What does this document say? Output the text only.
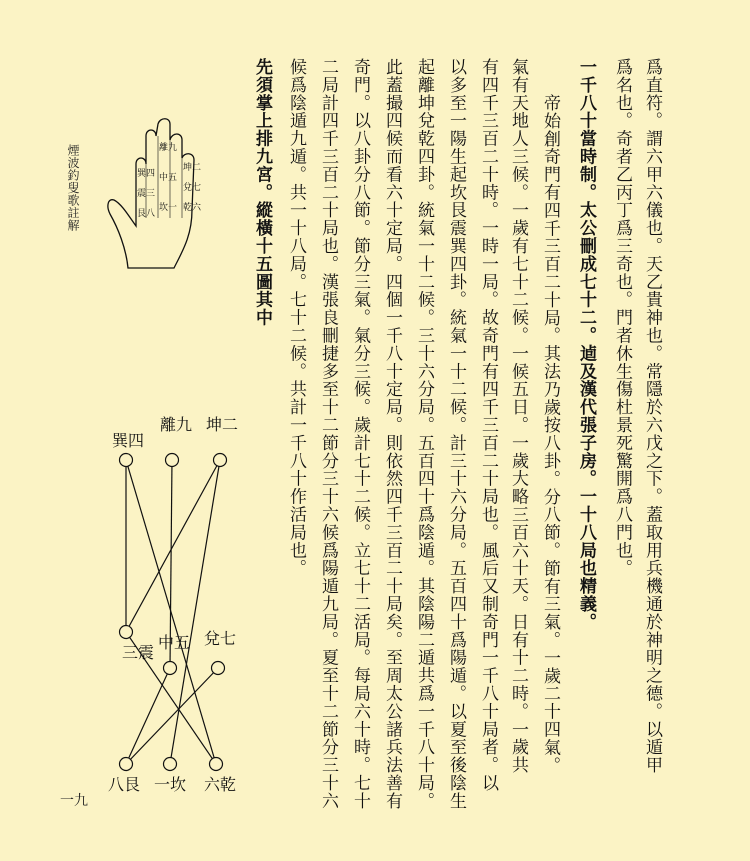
爲直符。謂六甲六儀也。天乙貴神也。常隱於六戊之下。蓋取用兵機通於神明之德。以遁甲
爲名也。奇者乙丙丁爲三奇也。門者休生傷杜景死驚開爲八門也。
一千八十當時制。太公刪成七十二。逌及漢代張子房。一十八局也精義。
帝始創奇門有四千三百二十局。其法乃歲按八卦。分八節。節有三氣。一歲二十四氣。
氣有天地人三候。一歲有七十二候。一候五日。一歲大略三百六十天。日有十二時。一歲共
有四千三百二十時。一時一局。故奇門有四千三百二十局也。風后又制奇門一千八十局者。以
以多至一陽生起坎艮震巽四卦。統氣一十二候。計三十六分局。五百四十爲陽遁。以夏至後陰生
起離坤兌乾四卦。統氣一十二候。三十六分局。五百四十爲陰遁。其陰陽二遁共爲一千八十局。
此蓋撮四候而看六十定局。四個一千八十定局。則依然四千三百二十局矣。至周太公諸兵法善有
奇門。以八卦分八節。節分三氣。氣分三候。歲計七十二候。立七十二活局。每局六十時。七十
二局計四千三百二十局也。漢張良刪捷多至十二節分三十六候爲陽遁九局。夏至十二節分三十六
候爲陰遁九遁。共一十八局。七十二候。共計一千八十作活局也。
先須掌上排九宮。縱橫十五圖其中
煙波釣叟歌註解
一九
巽四
離九
坤二
震三
中五
兌七
艮八
坎一 乾六
巽四
離九 坤二
兌七
中五
三震
八艮 一坎 六乾
